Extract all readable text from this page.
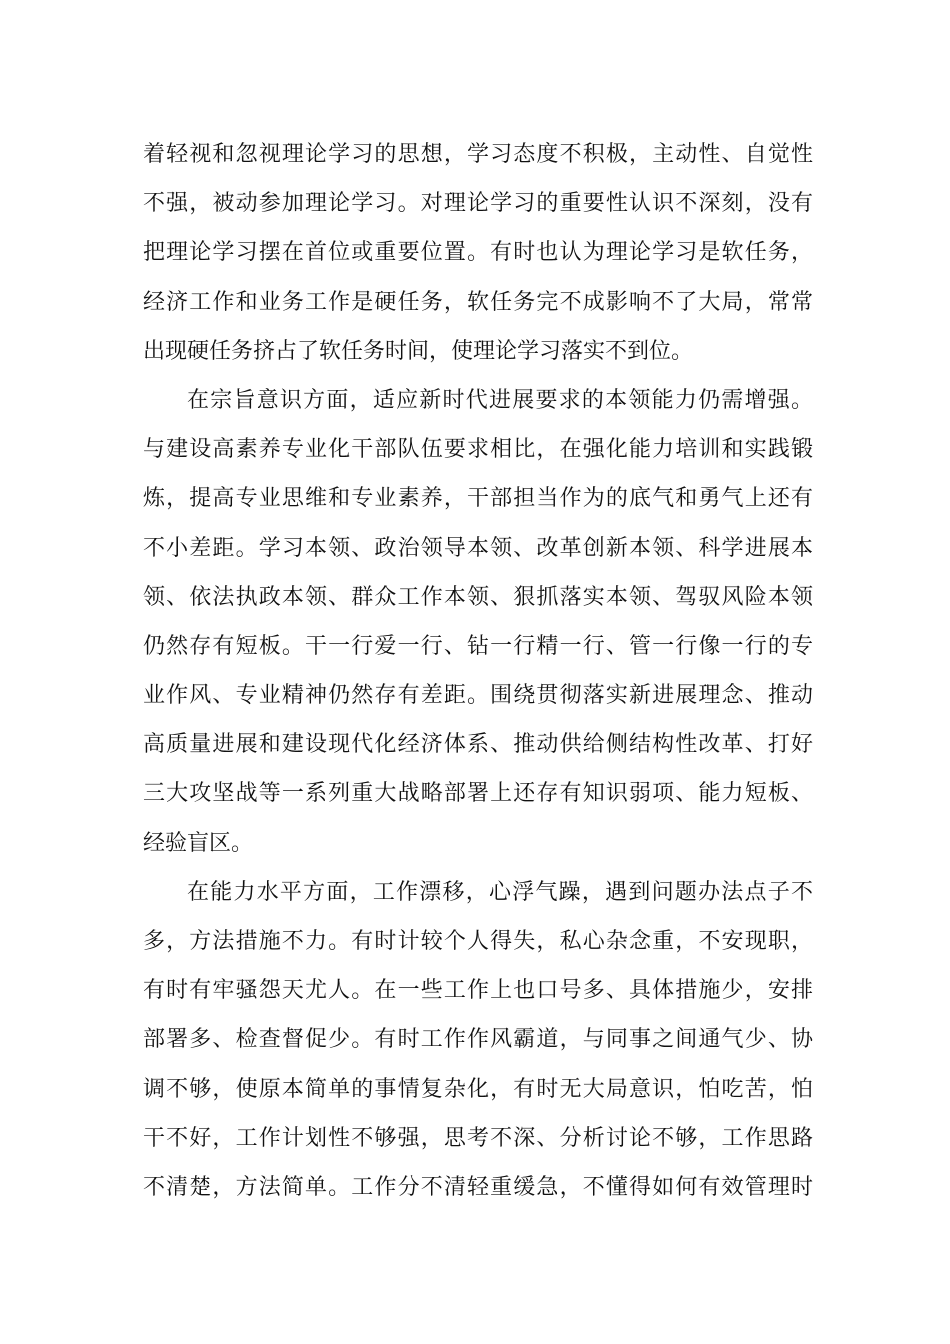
着轻视和忽视理论学习的思想，学习态度不积极，主动性、自觉性
不强，被动参加理论学习。对理论学习的重要性认识不深刻，没有
把理论学习摆在首位或重要位置。有时也认为理论学习是软任务，
经济工作和业务工作是硬任务，软任务完不成影响不了大局，常常
出现硬任务挤占了软任务时间，使理论学习落实不到位。
在宗旨意识方面，适应新时代进展要求的本领能力仍需增强。
与建设高素养专业化干部队伍要求相比，在强化能力培训和实践锻
炼，提高专业思维和专业素养，干部担当作为的底气和勇气上还有
不小差距。学习本领、政治领导本领、改革创新本领、科学进展本
领、依法执政本领、群众工作本领、狠抓落实本领、驾驭风险本领
仍然存有短板。干一行爱一行、钻一行精一行、管一行像一行的专
业作风、专业精神仍然存有差距。围绕贯彻落实新进展理念、推动
高质量进展和建设现代化经济体系、推动供给侧结构性改革、打好
三大攻坚战等一系列重大战略部署上还存有知识弱项、能力短板、
经验盲区。
在能力水平方面，工作漂移，心浮气躁，遇到问题办法点子不
多，方法措施不力。有时计较个人得失，私心杂念重，不安现职，
有时有牢骚怨天尤人。在一些工作上也口号多、具体措施少，安排
部署多、检查督促少。有时工作作风霸道，与同事之间通气少、协
调不够，使原本简单的事情复杂化，有时无大局意识，怕吃苦，怕
干不好，工作计划性不够强，思考不深、分析讨论不够，工作思路
不清楚，方法简单。工作分不清轻重缓急，不懂得如何有效管理时
